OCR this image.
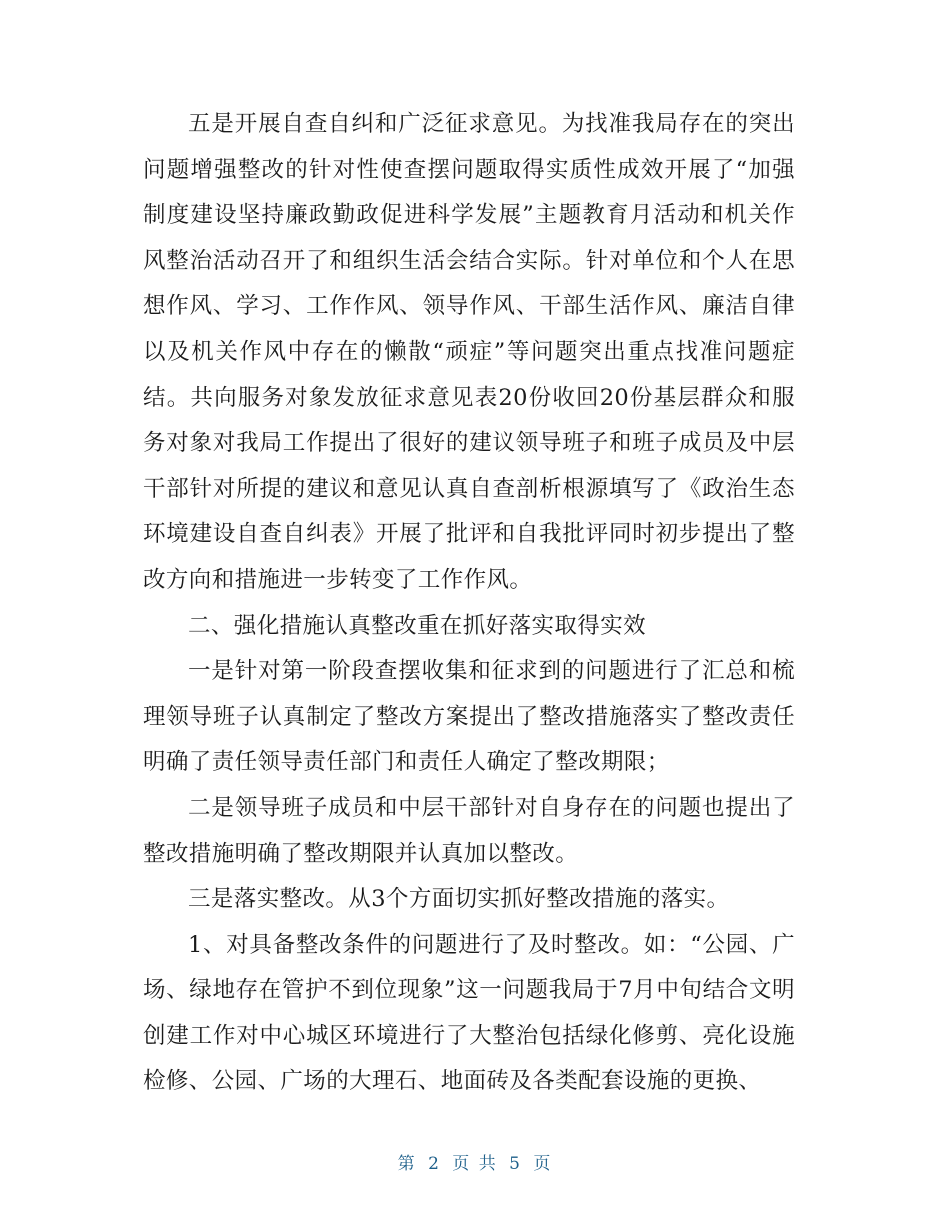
五是开展自查自纠和广泛征求意见。为找准我局存在的突出问题增强整改的针对性使查摆问题取得实质性成效开展了“加强制度建设坚持廉政勤政促进科学发展”主题教育月活动和机关作风整治活动召开了和组织生活会结合实际。针对单位和个人在思想作风、学习、工作作风、领导作风、干部生活作风、廉洁自律以及机关作风中存在的懒散“顽症”等问题突出重点找准问题症结。共向服务对象发放征求意见表20份收回20份基层群众和服务对象对我局工作提出了很好的建议领导班子和班子成员及中层干部针对所提的建议和意见认真自查剖析根源填写了《政治生态环境建设自查自纠表》开展了批评和自我批评同时初步提出了整改方向和措施进一步转变了工作作风。

二、强化措施认真整改重在抓好落实取得实效

一是针对第一阶段查摆收集和征求到的问题进行了汇总和梳理领导班子认真制定了整改方案提出了整改措施落实了整改责任明确了责任领导责任部门和责任人确定了整改期限；

二是领导班子成员和中层干部针对自身存在的问题也提出了整改措施明确了整改期限并认真加以整改。

三是落实整改。从3个方面切实抓好整改措施的落实。

1、对具备整改条件的问题进行了及时整改。如：“公园、广场、绿地存在管护不到位现象”这一问题我局于7月中旬结合文明创建工作对中心城区环境进行了大整治包括绿化修剪、亮化设施检修、公园、广场的大理石、地面砖及各类配套设施的更换、

第 2 页 共 5 页
